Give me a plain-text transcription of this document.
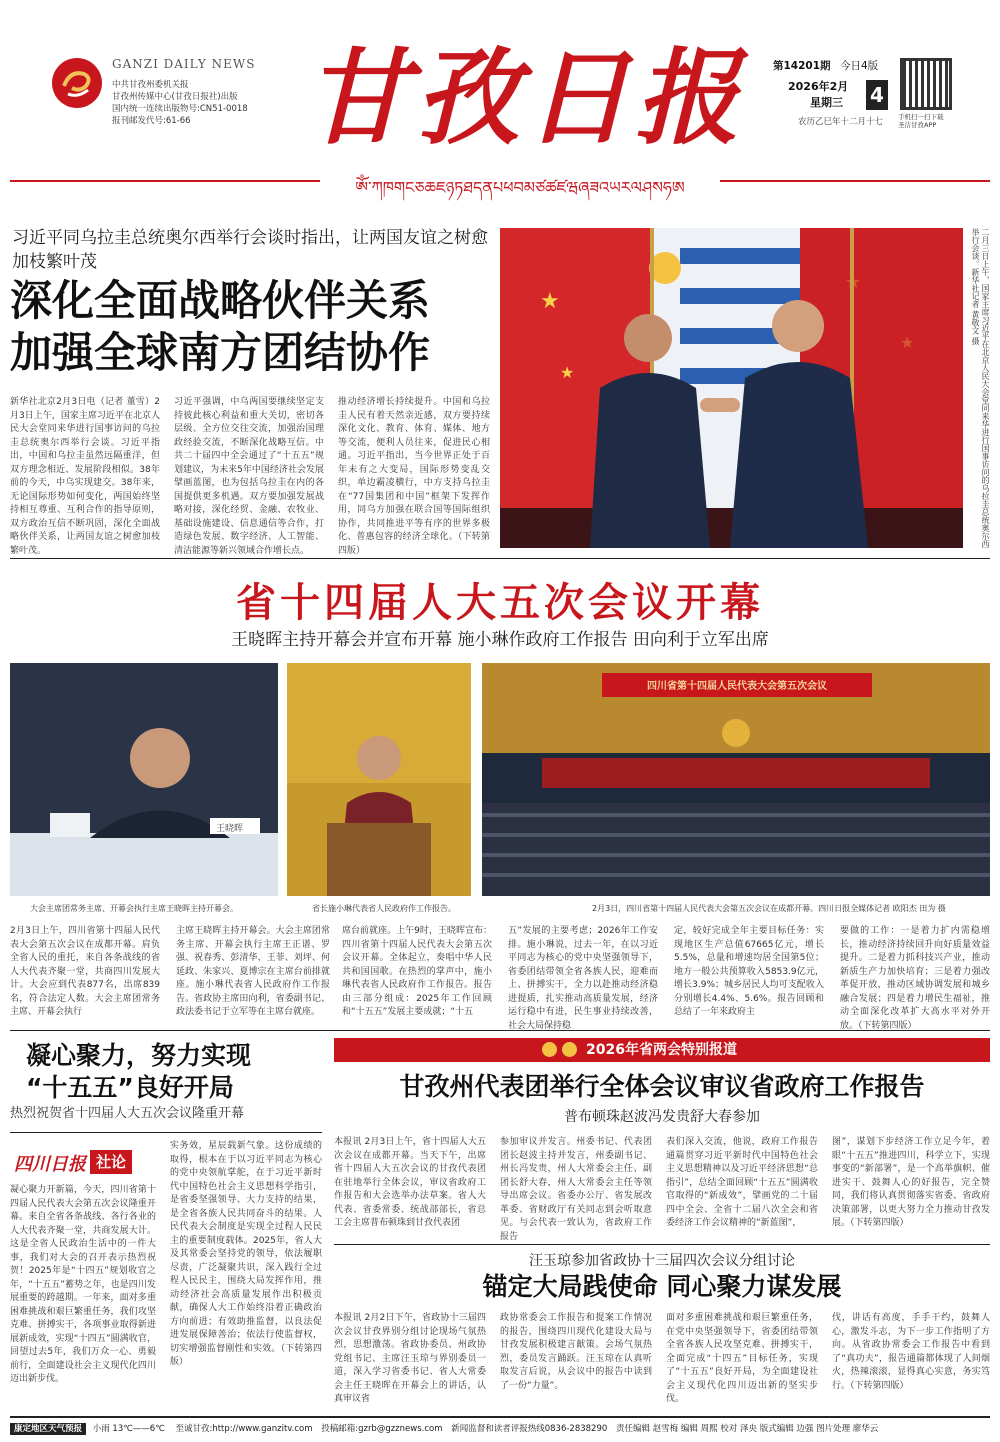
GANZI DAILY NEWS
中共甘孜州委机关报
甘孜州传媒中心(甘孜日报社)出版
国内统一连续出版物号:CN51-0018
报刊邮发代号:61-66 甘孜日报	第14201期 今日4版
2026年2月
星期三 4
农历乙巳年十二月十七 手机扫一扫下载
圣洁甘孜APP
ༀ་ཀཁགངཅཆཇཉཏཐདནཔཕབམཙཚཛཝཞཟའཡརལཤསཧཨ
习近平同乌拉圭总统奥尔西举行会谈时指出，让两国友谊之树愈加枝繁叶茂
深化全面战略伙伴关系
加强全球南方团结协作
新华社北京2月3日电（记者 董雪）2月3日上午，国家主席习近平在北京人民大会堂同来华进行国事访问的乌拉圭总统奥尔西举行会谈。习近平指出，中国和乌拉圭虽然远隔重洋，但双方理念相近、发展阶段相似。38年前的今天，中乌实现建交。38年来，无论国际形势如何变化，两国始终坚持相互尊重、互利合作的指导原则，双方政治互信不断巩固，深化全面战略伙伴关系，让两国友谊之树愈加枝繁叶茂。
习近平强调，中乌两国要继续坚定支持彼此核心利益和重大关切，密切各层级、全方位交往交流，加强治国理政经验交流，不断深化战略互信。中共二十届四中全会通过了“十五五”规划建议，为未来5年中国经济社会发展擘画蓝图，也为包括乌拉圭在内的各国提供更多机遇。双方要加强发展战略对接，深化经贸、金融、农牧业、基础设施建设、信息通信等合作，打造绿色发展、数字经济、人工智能、清洁能源等新兴领域合作增长点。
推动经济增长持续提升。中国和乌拉圭人民有着天然亲近感，双方要持续深化文化、教育、体育、媒体、地方等交流，便利人员往来，促进民心相通。习近平指出，当今世界正处于百年未有之大变局，国际形势变乱交织，单边霸凌横行，中方支持乌拉圭在“77国集团和中国”框架下发挥作用，同乌方加强在联合国等国际组织协作，共同推进平等有序的世界多极化、普惠包容的经济全球化。（下转第四版）
★
★	二月三日上午，国家主席习近平在北京人民大会堂同来华进行国事访问的乌拉圭总统奥尔西举行会谈。新华社记者 黄敬文 摄
省十四届人大五次会议开幕
王晓晖主持开幕会并宣布开幕 施小琳作政府工作报告 田向利于立军出席
王晓晖
大会主席团常务主席、开幕会执行主席王晓晖主持开幕会。	省长施小琳代表省人民政府作工作报告。
四川省第十四届人民代表大会第五次会议
2月3日，四川省第十四届人民代表大会第五次会议在成都开幕。四川日报全媒体记者 欧阳杰 田为 摄
2月3日上午，四川省第十四届人民代表大会第五次会议在成都开幕。肩负全省人民的重托，来自各条战线的省人大代表齐聚一堂，共商四川发展大计。大会应到代表877名，出席839名，符合法定人数。大会主席团常务主席、开幕会执行
主席王晓晖主持开幕会。大会主席团常务主席、开幕会执行主席王正谱、罗强、祝春秀、彭清华、王菲、刘坪、何延政、朱家兴、夏博宗在主席台前排就座。施小琳代表省人民政府作工作报告。省政协主席田向利，省委副书记、政法委书记于立军等在主席台就座。
席台前就座。上午9时，王晓晖宣布：四川省第十四届人民代表大会第五次会议开幕。全体起立，奏唱中华人民共和国国歌。在热烈的掌声中，施小琳代表省人民政府作工作报告。报告由三部分组成：2025年工作回顾和“十五五”发展主要成就；“十五
五”发展的主要考虑；2026年工作安排。施小琳说，过去一年，在以习近平同志为核心的党中央坚强领导下，省委团结带领全省各族人民，迎难而上、拼搏实干，全力以赴推动经济稳进提质，扎实推动高质量发展，经济运行稳中有进，民生事业持续改善，社会大局保持稳
定，较好完成全年主要目标任务：实现地区生产总值67665亿元，增长5.5%，总量和增速均居全国第5位；地方一般公共预算收入5853.9亿元，增长3.9%；城乡居民人均可支配收入分别增长4.4%、5.6%。报告回顾和总结了一年来政府主
要做的工作：一是着力扩内需稳增长，推动经济持续回升向好质量效益提升。二是着力抓科技兴产业，推动新质生产力加快培育；三是着力强改革促开放，推动区域协调发展和城乡融合发展；四是着力增民生福祉，推动全面深化改革扩大高水平对外开放。（下转第四版）
凝心聚力，努力实现
“十五五”良好开局
热烈祝贺省十四届人大五次会议隆重开幕
四川日报 社论
凝心聚力开新篇，今天，四川省第十四届人民代表大会第五次会议隆重开幕。来自全省各条战线、各行各业的人大代表齐聚一堂，共商发展大计。这是全省人民政治生活中的一件大事，我们对大会的召开表示热烈祝贺！2025年是“十四五”规划收官之年，“十五五”蓄势之年，也是四川发展重要的跨越期。一年来，面对多重困难挑战和艰巨繁重任务，我们攻坚克难、拼搏实干，各项事业取得新进展新成效，实现“十四五”圆满收官，回望过去5年，我们万众一心、勇毅前行，全面建设社会主义现代化四川迈出新步伐。
实务效，星辰载新气象。这份成绩的取得，根本在于以习近平同志为核心的党中央领航掌舵，在于习近平新时代中国特色社会主义思想科学指引，是省委坚强领导、大力支持的结果，是全省各族人民共同奋斗的结果。人民代表大会制度是实现全过程人民民主的重要制度载体。2025年，省人大及其常委会坚持党的领导，依法履职尽责，广泛凝聚共识，深入践行全过程人民民主，围绕大局发挥作用，推动经济社会高质量发展作出积极贡献，确保人大工作始终沿着正确政治方向前进；有效助推监督，以良法促进发展保障善治；依法行使监督权，切实增强监督刚性和实效。（下转第四版）
2026年省两会特别报道
甘孜州代表团举行全体会议审议省政府工作报告
普布顿珠赵波冯发贵舒大春参加
本报讯 2月3日上午，省十四届人大五次会议在成都开幕。当天下午，出席省十四届人大五次会议的甘孜代表团在驻地举行全体会议，审议省政府工作报告和大会选举办法草案。省人大代表、省委常委、统战部部长，省总工会主席普布顿珠到甘孜代表团
参加审议并发言。州委书记、代表团团长赵波主持并发言，州委副书记、州长冯发贵，州人大常委会主任、副团长舒大春，州人大常委会主任等领导出席会议。省委办公厅、省发展改革委、省财政厅有关同志到会听取意见。与会代表一致认为，省政府工作报告
表们深入交流，他说，政府工作报告通篇贯穿习近平新时代中国特色社会主义思想精神以及习近平经济思想“总指引”，总结全面回顾“十五五”圆满收官取得的“新成效”，擘画党的二十届四中全会、全省十二届八次全会和省委经济工作会议精神的“新蓝图”，
图”，谋划下步经济工作立足今年，着眼“十五五”推进四川，科学立下，实现事变的“新部署”，是一个高举旗帜、催进实干、鼓舞人心的好报告，完全赞同，我们将认真贯彻落实省委、省政府决策部署，以更大努力全力推动甘孜发展。（下转第四版）
汪玉琼参加省政协十三届四次会议分组讨论
锚定大局践使命 同心聚力谋发展
本报讯 2月2日下午，省政协十三届四次会议甘孜界别分组讨论现场气氛热烈，思想激荡。省政协委员、州政协党组书记、主席汪玉琼与界别委员一道，深入学习省委书记、省人大常委会主任王晓晖在开幕会上的讲话，认真审议省
政协常委会工作报告和提案工作情况的报告，围绕四川现代化建设大局与甘孜发展积极建言献策。会场气氛热烈，委员发言踊跃。汪玉琼在认真听取发言后说，从会议中的报告中读到了一份“力量”。
面对多重困难挑战和艰巨繁重任务，在党中央坚强领导下，省委团结带领全省各族人民攻坚克难、拼搏实干，全面完成“十四五”目标任务，实现了“十五五”良好开局，为全面建设社会主义现代化四川迈出新的坚实步伐。
伐，讲话有高度，手手干约，鼓舞人心，激发斗志，为下一步工作指明了方向。从省政协常委会工作报告中看到了“真功夫”，报告通篇都体现了人间烟火，热辣滚滚，显得真心实意，务实笃行。（下转第四版）
康定地区天气预报 小雨 13℃——6℃ 至诚甘孜:http://www.ganzitv.com 投稿邮箱:gzrb@gzznews.com 新闻监督和读者评报热线0836-2838290 责任编辑 赵雪梅 编辑 周熙 校对 泽央 版式编辑 边强 图片处理 廖华云
